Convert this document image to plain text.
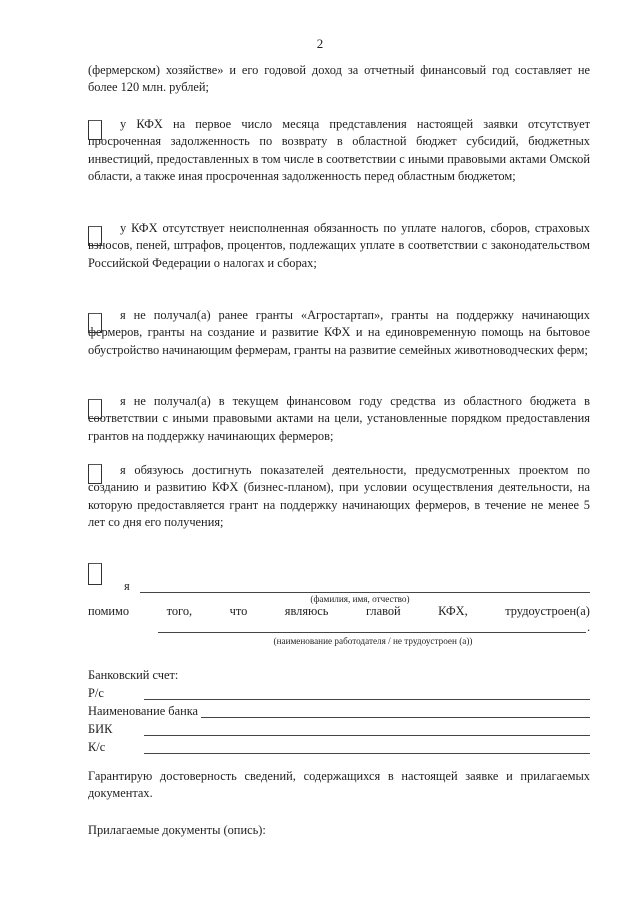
2

(фермерском) хозяйстве» и его годовой доход за отчетный финансовый год составляет не более 120 млн. рублей;

у КФХ на первое число месяца представления настоящей заявки отсутствует просроченная задолженность по возврату в областной бюджет субсидий, бюджетных инвестиций, предоставленных в том числе в соответствии с иными правовыми актами Омской области, а также иная просроченная задолженность перед областным бюджетом;

у КФХ отсутствует неисполненная обязанность по уплате налогов, сборов, страховых взносов, пеней, штрафов, процентов, подлежащих уплате в соответствии с законодательством Российской Федерации о налогах и сборах;

я не получал(а) ранее гранты «Агростартап», гранты на поддержку начинающих фермеров, гранты на создание и развитие КФХ и на единовременную помощь на бытовое обустройство начинающим фермерам, гранты на развитие семейных животноводческих ферм;

я не получал(а) в текущем финансовом году средства из областного бюджета в соответствии с иными правовыми актами на цели, установленные порядком предоставления грантов на поддержку начинающих фермеров;

я обязуюсь достигнуть показателей деятельности, предусмотренных проектом по созданию и развитию КФХ (бизнес-планом), при условии осуществления деятельности, на которую предоставляется грант на поддержку начинающих фермеров, в течение не менее 5 лет со дня его получения;

я
(фамилия, имя, отчество)
помимо	того,	что	являюсь	главой	КФХ,	трудоустроен(а)
.
(наименование работодателя / не трудоустроен (а))
Банковский счет:
Р/с
Наименование банка
БИК
К/с

Гарантирую достоверность сведений, содержащихся в настоящей заявке и прилагаемых документах.

Прилагаемые документы (опись):
